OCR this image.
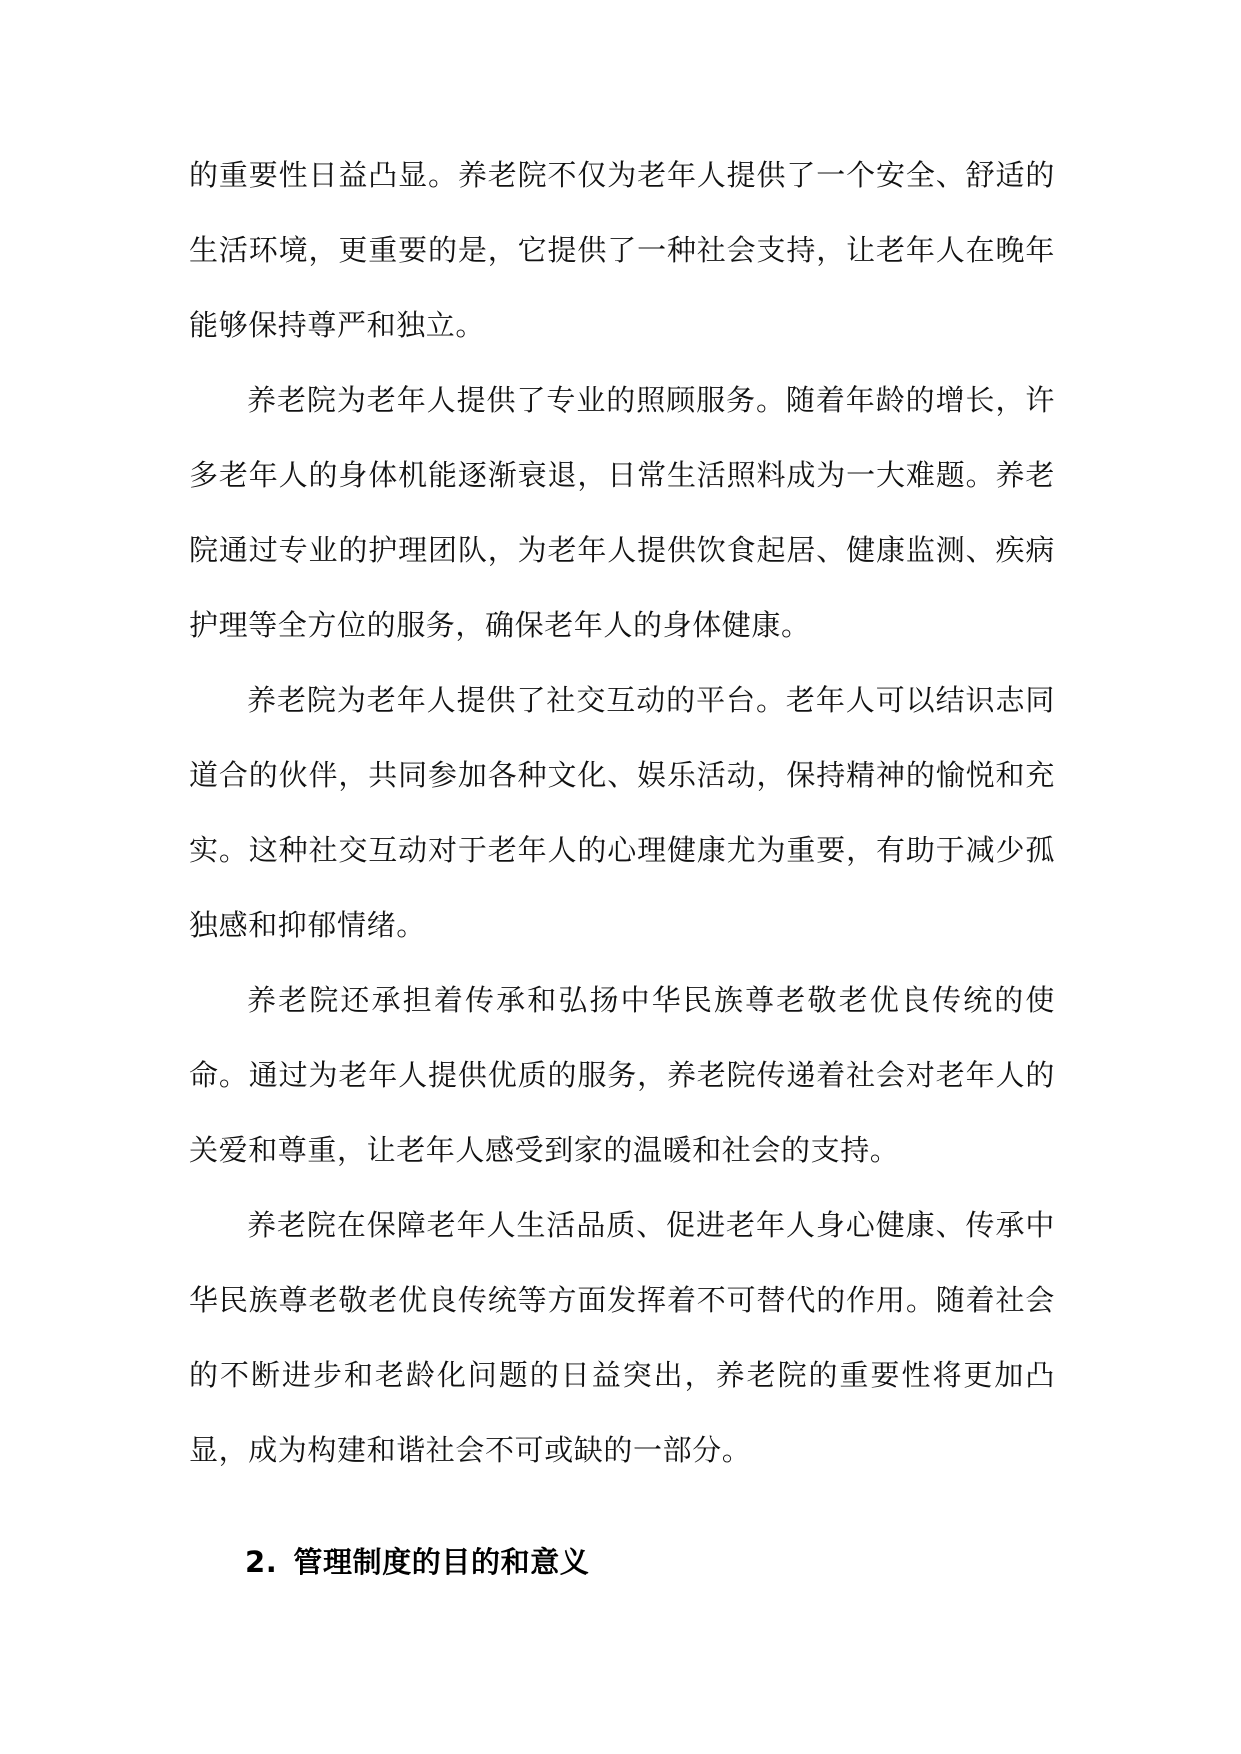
的重要性日益凸显。养老院不仅为老年人提供了一个安全、舒适的生活环境，更重要的是，它提供了一种社会支持，让老年人在晚年能够保持尊严和独立。

养老院为老年人提供了专业的照顾服务。随着年龄的增长，许多老年人的身体机能逐渐衰退，日常生活照料成为一大难题。养老院通过专业的护理团队，为老年人提供饮食起居、健康监测、疾病护理等全方位的服务，确保老年人的身体健康。

养老院为老年人提供了社交互动的平台。老年人可以结识志同道合的伙伴，共同参加各种文化、娱乐活动，保持精神的愉悦和充实。这种社交互动对于老年人的心理健康尤为重要，有助于减少孤独感和抑郁情绪。

养老院还承担着传承和弘扬中华民族尊老敬老优良传统的使命。通过为老年人提供优质的服务，养老院传递着社会对老年人的关爱和尊重，让老年人感受到家的温暖和社会的支持。

养老院在保障老年人生活品质、促进老年人身心健康、传承中华民族尊老敬老优良传统等方面发挥着不可替代的作用。随着社会的不断进步和老龄化问题的日益突出，养老院的重要性将更加凸显，成为构建和谐社会不可或缺的一部分。

2. 管理制度的目的和意义
